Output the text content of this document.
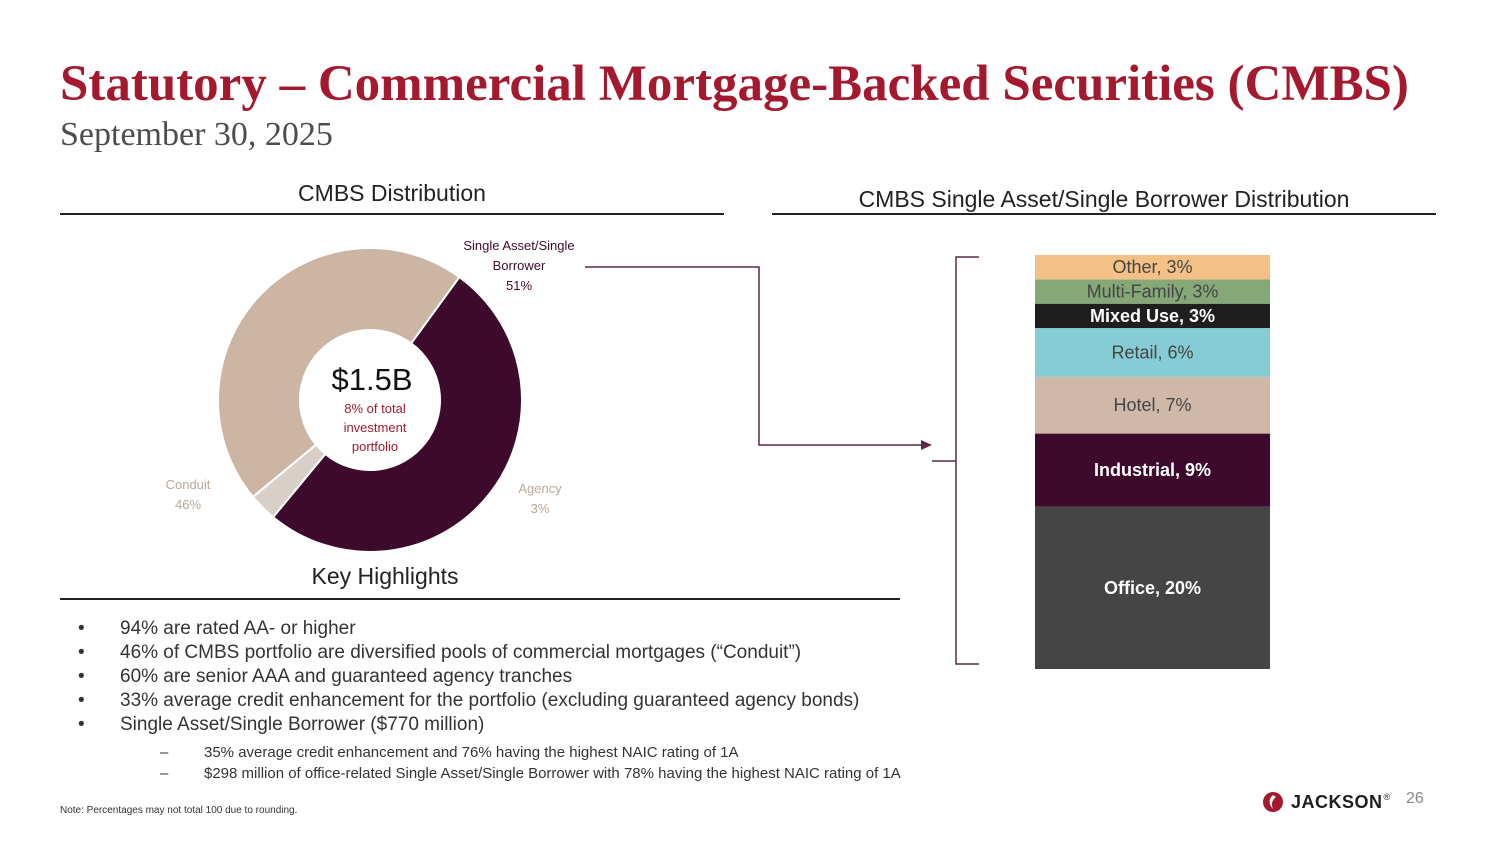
Statutory – Commercial Mortgage-Backed Securities (CMBS)
September 30, 2025
CMBS Distribution	CMBS Single Asset/Single Borrower Distribution
Single Asset/Single
Borrower
51%
Agency
3%
Conduit
46%
$1.5B
8% of total
investment
portfolio
Office, 20%
Industrial, 9%
Hotel, 7%
Retail, 6%
Mixed Use, 3%
Multi-Family, 3%
Other, 3%
Key Highlights
• 94% are rated AA- or higher
• 46% of CMBS portfolio are diversified pools of commercial mortgages (“Conduit”)
• 60% are senior AAA and guaranteed agency tranches
• 33% average credit enhancement for the portfolio (excluding guaranteed agency bonds)
• Single Asset/Single Borrower ($770 million)
– 35% average credit enhancement and 76% having the highest NAIC rating of 1A
– $298 million of office-related Single Asset/Single Borrower with 78% having the highest NAIC rating of 1A
Note: Percentages may not total 100 due to rounding.	JACKSON ® 26
